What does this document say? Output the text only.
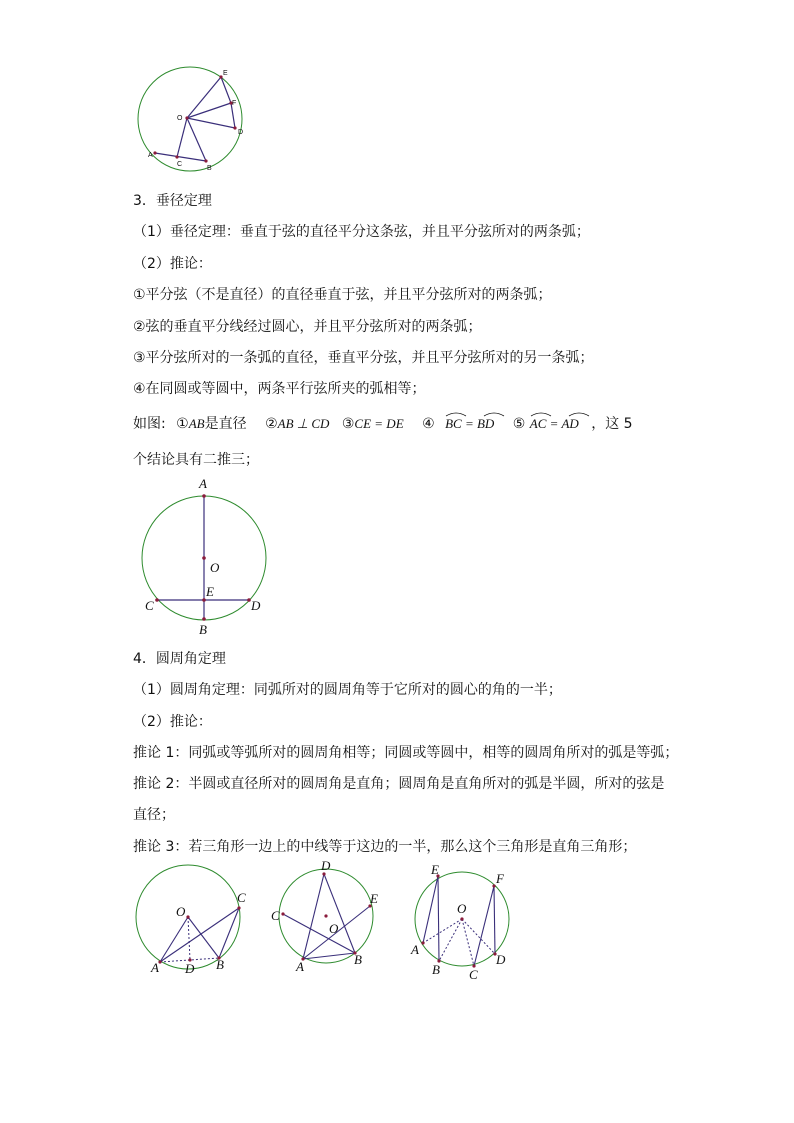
E
F
O
D
A
C
B
3．垂径定理
（1）垂径定理：垂直于弦的直径平分这条弦，并且平分弦所对的两条弧；
（2）推论：
①平分弦（不是直径）的直径垂直于弦，并且平分弦所对的两条弧；
②弦的垂直平分线经过圆心，并且平分弦所对的两条弧；
③平分弦所对的一条弧的直径，垂直平分弦，并且平分弦所对的另一条弧；
④在同圆或等圆中，两条平行弦所夹的弧相等；
如图: ①AB是直径 ②AB ⊥ CD ③CE = DE ④ BC = BD ⑤ AC = AD ，这 5
个结论具有二推三；
A
O
E
C	D
B
4．圆周角定理
（1）圆周角定理：同弧所对的圆周角等于它所对的圆心的角的一半；
（2）推论：
推论 1：同弧或等弧所对的圆周角相等；同圆或等圆中，相等的圆周角所对的弧是等弧；
推论 2：半圆或直径所对的圆周角是直角；圆周角是直角所对的弧是半圆，所对的弦是
直径；
推论 3：若三角形一边上的中线等于这边的一半，那么这个三角形是直角三角形；
O
C
A D B
D
E
C
O
A	B
E
F
O
A
B C
D
